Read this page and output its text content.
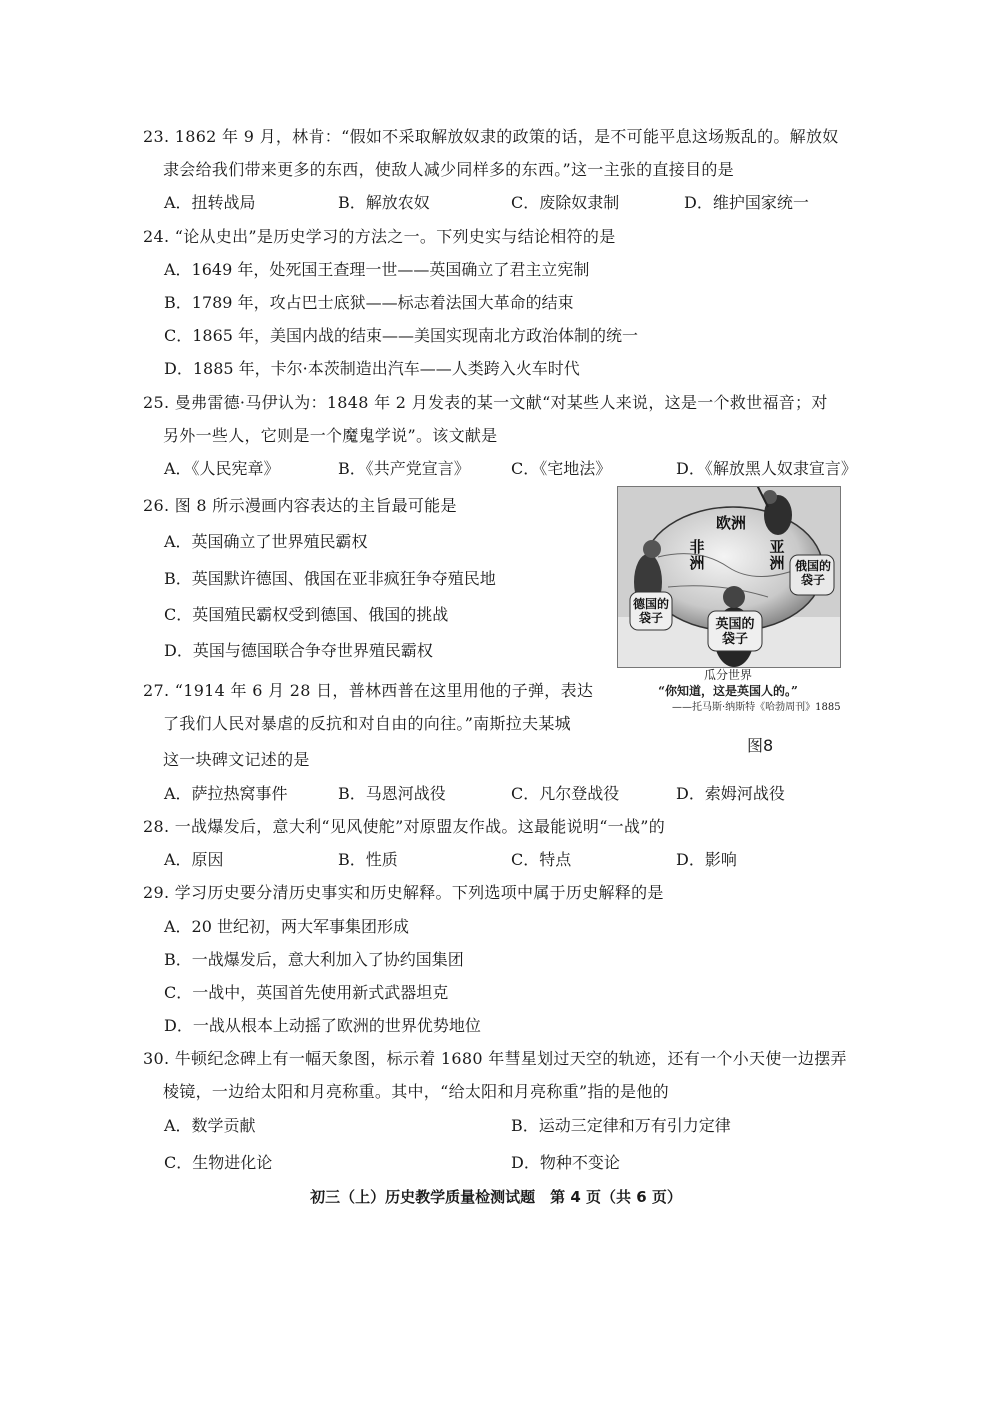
23. 1862 年 9 月，林肯：“假如不采取解放奴隶的政策的话，是不可能平息这场叛乱的。解放奴
隶会给我们带来更多的东西，使敌人减少同样多的东西。”这一主张的直接目的是
A．扭转战局	B．解放农奴	C．废除奴隶制	D．维护国家统一
24. “论从史出”是历史学习的方法之一。下列史实与结论相符的是
A．1649 年，处死国王查理一世——英国确立了君主立宪制
B．1789 年，攻占巴士底狱——标志着法国大革命的结束
C．1865 年，美国内战的结束——美国实现南北方政治体制的统一
D．1885 年，卡尔·本茨制造出汽车——人类跨入火车时代
25. 曼弗雷德·马伊认为：1848 年 2 月发表的某一文献“对某些人来说，这是一个救世福音；对
另外一些人，它则是一个魔鬼学说”。该文献是
A．《人民宪章》	B．《共产党宣言》	C．《宅地法》	D．《解放黑人奴隶宣言》
26. 图 8 所示漫画内容表达的主旨最可能是
A．英国确立了世界殖民霸权
B．英国默许德国、俄国在亚非疯狂争夺殖民地
C．英国殖民霸权受到德国、俄国的挑战
D．英国与德国联合争夺世界殖民霸权
欧洲
非洲
亚洲 俄国的袋子
德国的袋子	英国的袋子
瓜分世界
“你知道，这是英国人的。”
——托马斯·纳斯特《哈勃周刊》1885
图8
27. “1914 年 6 月 28 日，普林西普在这里用他的子弹，表达
了我们人民对暴虐的反抗和对自由的向往。”南斯拉夫某城
这一块碑文记述的是
A．萨拉热窝事件	B．马恩河战役	C．凡尔登战役	D．索姆河战役
28. 一战爆发后，意大利“见风使舵”对原盟友作战。这最能说明“一战”的
A．原因	B．性质	C．特点	D．影响
29. 学习历史要分清历史事实和历史解释。下列选项中属于历史解释的是
A．20 世纪初，两大军事集团形成
B．一战爆发后，意大利加入了协约国集团
C．一战中，英国首先使用新式武器坦克
D．一战从根本上动摇了欧洲的世界优势地位
30. 牛顿纪念碑上有一幅天象图，标示着 1680 年彗星划过天空的轨迹，还有一个小天使一边摆弄
棱镜，一边给太阳和月亮称重。其中，“给太阳和月亮称重”指的是他的
A．数学贡献	B．运动三定律和万有引力定律
C．生物进化论	D．物种不变论
初三（上）历史教学质量检测试题　第 4 页（共 6 页）
